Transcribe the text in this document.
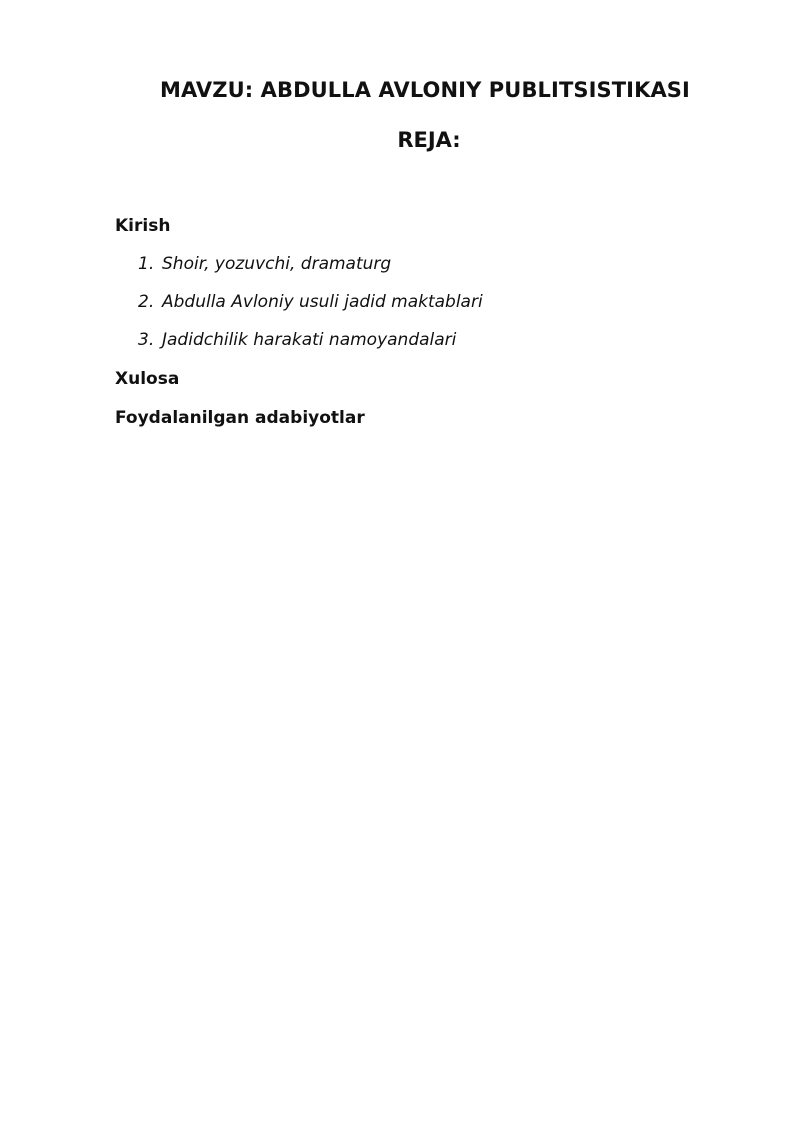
MAVZU: ABDULLA AVLONIY PUBLITSISTIKASI
REJA:
Kirish
1. Shoir, yozuvchi, dramaturg
2. Abdulla Avloniy usuli jadid maktablari
3. Jadidchilik harakati namoyandalari
Xulosa
Foydalanilgan adabiyotlar
